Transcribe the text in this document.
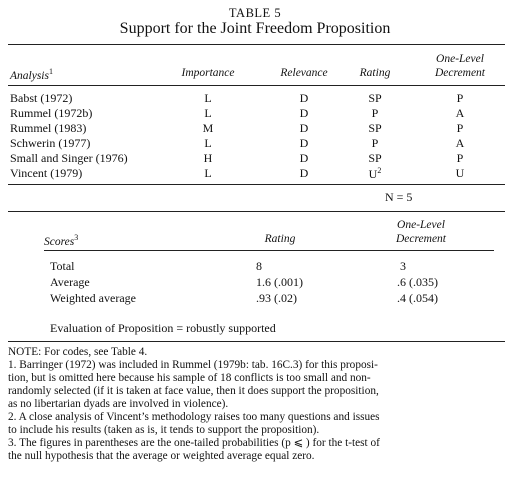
TABLE 5
Support for the Joint Freedom Proposition
Analysis$^1$	Importance	Relevance	Rating
One-Level
Decrement
Babst (1972)	L	D	SP	P
Rummel (1972b)	L	D	P	A
Rummel (1983)	M	D	SP	P
Schwerin (1977)	L	D	P	A
Small and Singer (1976)	H	D	SP	P
Vincent (1979)	L	D	$U^2$	U
N = 5
Scores$^3$	Rating
One-Level
Decrement
Total	8	3
Average	1.6 (.001)	.6 (.035)
Weighted average	.93 (.02)	.4 (.054)
Evaluation of Proposition = robustly supported
NOTE: For codes, see Table 4.
1. Barringer (1972) was included in Rummel (1979b: tab. 16C.3) for this proposi-
tion, but is omitted here because his sample of 18 conflicts is too small and non-
randomly selected (if it is taken at face value, then it does support the proposition,
as no libertarian dyads are involved in violence).
2. A close analysis of Vincent’s methodology raises too many questions and issues
to include his results (taken as is, it tends to support the proposition).
3. The figures in parentheses are the one-tailed probabilities (p ⩽ ) for the t-test of
the null hypothesis that the average or weighted average equal zero.
